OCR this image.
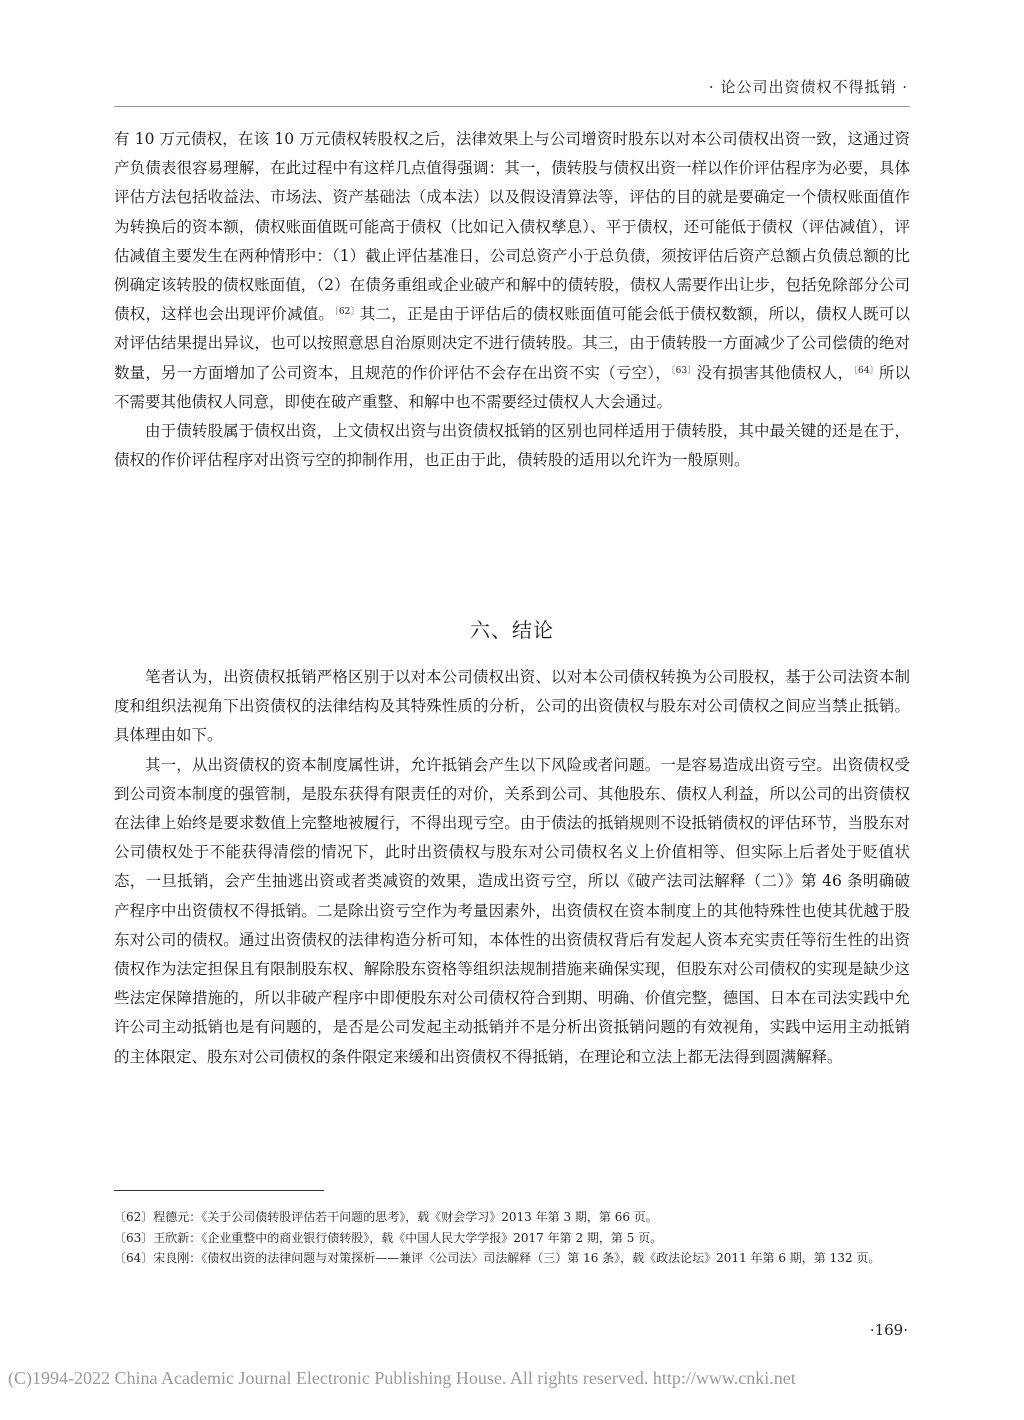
· 论公司出资债权不得抵销 ·

有 10 万元债权，在该 10 万元债权转股权之后，法律效果上与公司增资时股东以对本公司债权出资一致，这通过资产负债表很容易理解，在此过程中有这样几点值得强调：其一，债转股与债权出资一样以作价评估程序为必要，具体评估方法包括收益法、市场法、资产基础法（成本法）以及假设清算法等，评估的目的就是要确定一个债权账面值作为转换后的资本额，债权账面值既可能高于债权（比如记入债权孳息）、平于债权，还可能低于债权（评估减值），评估减值主要发生在两种情形中：（1）截止评估基准日，公司总资产小于总负债，须按评估后资产总额占负债总额的比例确定该转股的债权账面值，（2）在债务重组或企业破产和解中的债转股，债权人需要作出让步，包括免除部分公司债权，这样也会出现评价减值。$^{〔62〕}$其二，正是由于评估后的债权账面值可能会低于债权数额，所以，债权人既可以对评估结果提出异议，也可以按照意思自治原则决定不进行债转股。其三，由于债转股一方面减少了公司偿债的绝对数量，另一方面增加了公司资本，且规范的作价评估不会存在出资不实（亏空），$^{〔63〕}$没有损害其他债权人，$^{〔64〕}$所以不需要其他债权人同意，即使在破产重整、和解中也不需要经过债权人大会通过。

由于债转股属于债权出资，上文债权出资与出资债权抵销的区别也同样适用于债转股，其中最关键的还是在于，债权的作价评估程序对出资亏空的抑制作用，也正由于此，债转股的适用以允许为一般原则。

六、结论

笔者认为，出资债权抵销严格区别于以对本公司债权出资、以对本公司债权转换为公司股权，基于公司法资本制度和组织法视角下出资债权的法律结构及其特殊性质的分析，公司的出资债权与股东对公司债权之间应当禁止抵销。具体理由如下。

其一，从出资债权的资本制度属性讲，允许抵销会产生以下风险或者问题。一是容易造成出资亏空。出资债权受到公司资本制度的强管制，是股东获得有限责任的对价，关系到公司、其他股东、债权人利益，所以公司的出资债权在法律上始终是要求数值上完整地被履行，不得出现亏空。由于债法的抵销规则不设抵销债权的评估环节，当股东对公司债权处于不能获得清偿的情况下，此时出资债权与股东对公司债权名义上价值相等、但实际上后者处于贬值状态，一旦抵销，会产生抽逃出资或者类减资的效果，造成出资亏空，所以《破产法司法解释（二）》第 46 条明确破产程序中出资债权不得抵销。二是除出资亏空作为考量因素外，出资债权在资本制度上的其他特殊性也使其优越于股东对公司的债权。通过出资债权的法律构造分析可知，本体性的出资债权背后有发起人资本充实责任等衍生性的出资债权作为法定担保且有限制股东权、解除股东资格等组织法规制措施来确保实现，但股东对公司债权的实现是缺少这些法定保障措施的，所以非破产程序中即便股东对公司债权符合到期、明确、价值完整，德国、日本在司法实践中允许公司主动抵销也是有问题的，是否是公司发起主动抵销并不是分析出资抵销问题的有效视角，实践中运用主动抵销的主体限定、股东对公司债权的条件限定来缓和出资债权不得抵销，在理论和立法上都无法得到圆满解释。

〔62〕程德元：《关于公司债转股评估若干问题的思考》，载《财会学习》2013 年第 3 期，第 66 页。

〔63〕王欣新：《企业重整中的商业银行债转股》，载《中国人民大学学报》2017 年第 2 期，第 5 页。

〔64〕宋良刚：《债权出资的法律问题与对策探析——兼评〈公司法〉司法解释（三）第 16 条》，载《政法论坛》2011 年第 6 期，第 132 页。

·169·
(C)1994-2022 China Academic Journal Electronic Publishing House. All rights reserved. http://www.cnki.net
